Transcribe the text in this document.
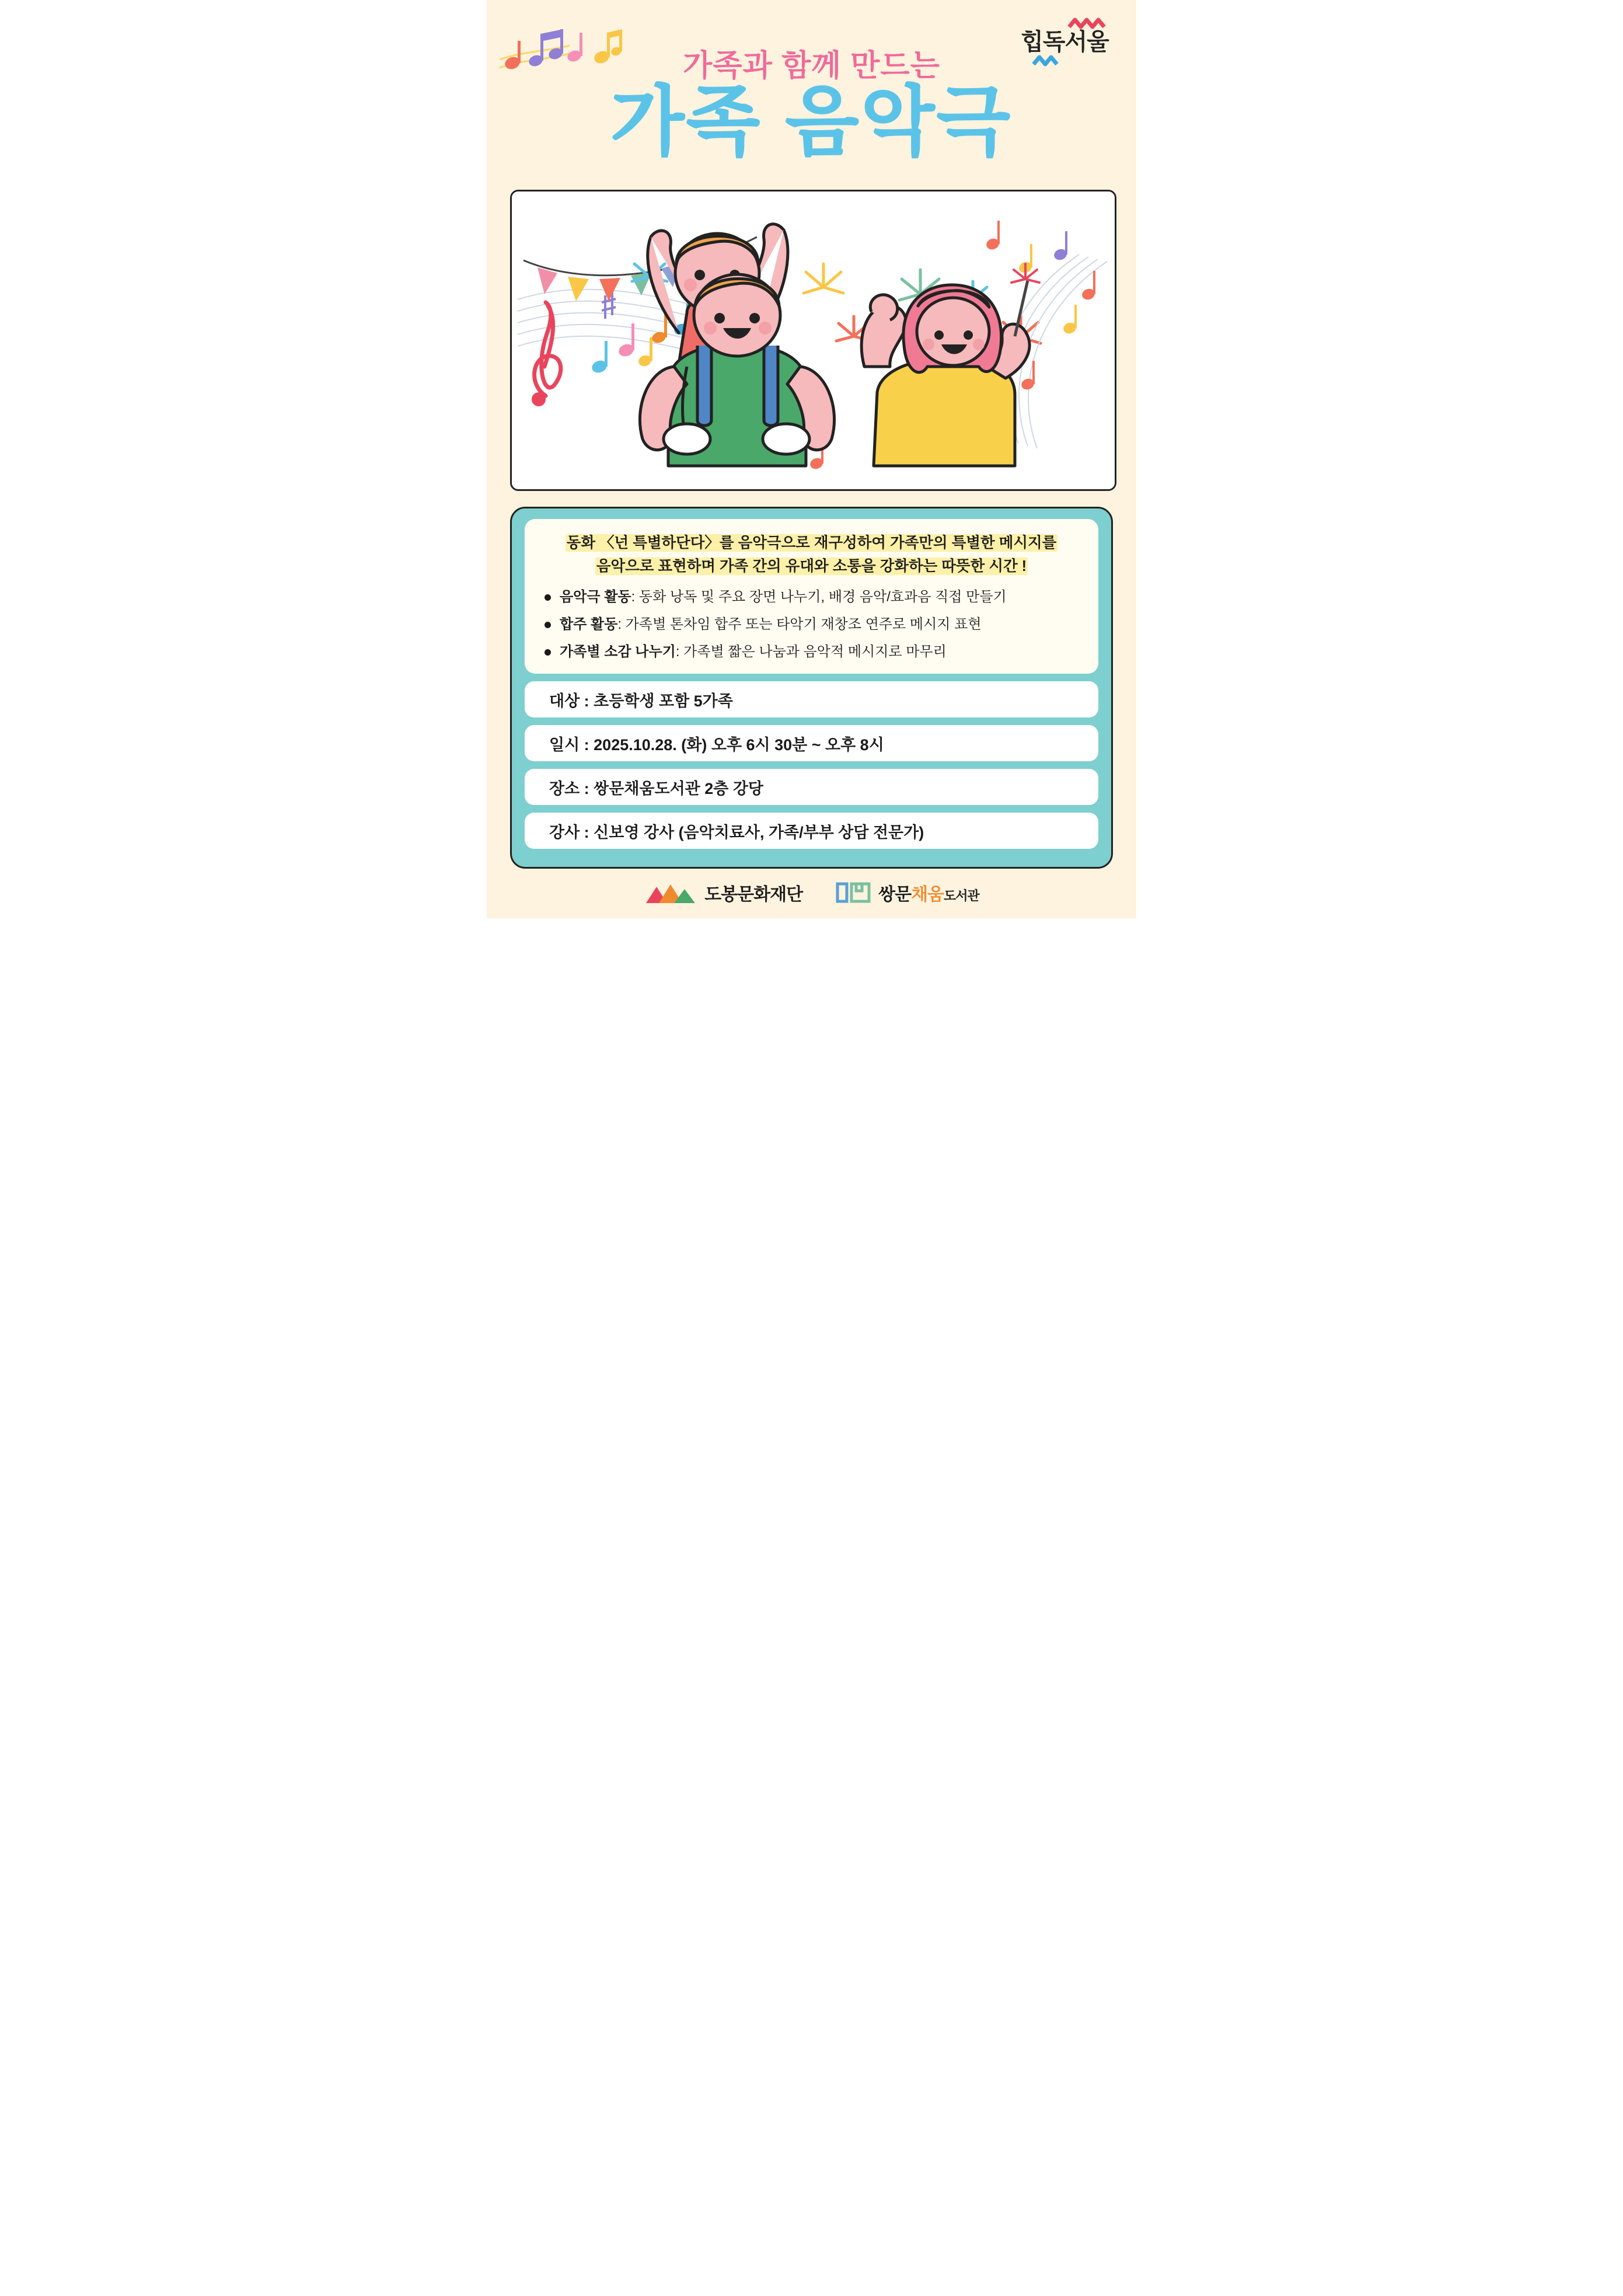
힙독서울
가족과 함께 만드는
가족 음악극
동화 〈넌 특별하단다〉를 음악극으로 재구성하여 가족만의 특별한 메시지를
음악으로 표현하며 가족 간의 유대와 소통을 강화하는 따뜻한 시간 !
음악극 활동: 동화 낭독 및 주요 장면 나누기, 배경 음악/효과음 직접 만들기
합주 활동: 가족별 톤차임 합주 또는 타악기 재창조 연주로 메시지 표현
가족별 소감 나누기: 가족별 짧은 나눔과 음악적 메시지로 마무리
대상 : 초등학생 포함 5가족
일시 : 2025.10.28. (화) 오후 6시 30분 ~ 오후 8시
장소 : 쌍문채움도서관 2층 강당
강사 : 신보영 강사 (음악치료사, 가족/부부 상담 전문가)
도봉문화재단	쌍문채움도서관
